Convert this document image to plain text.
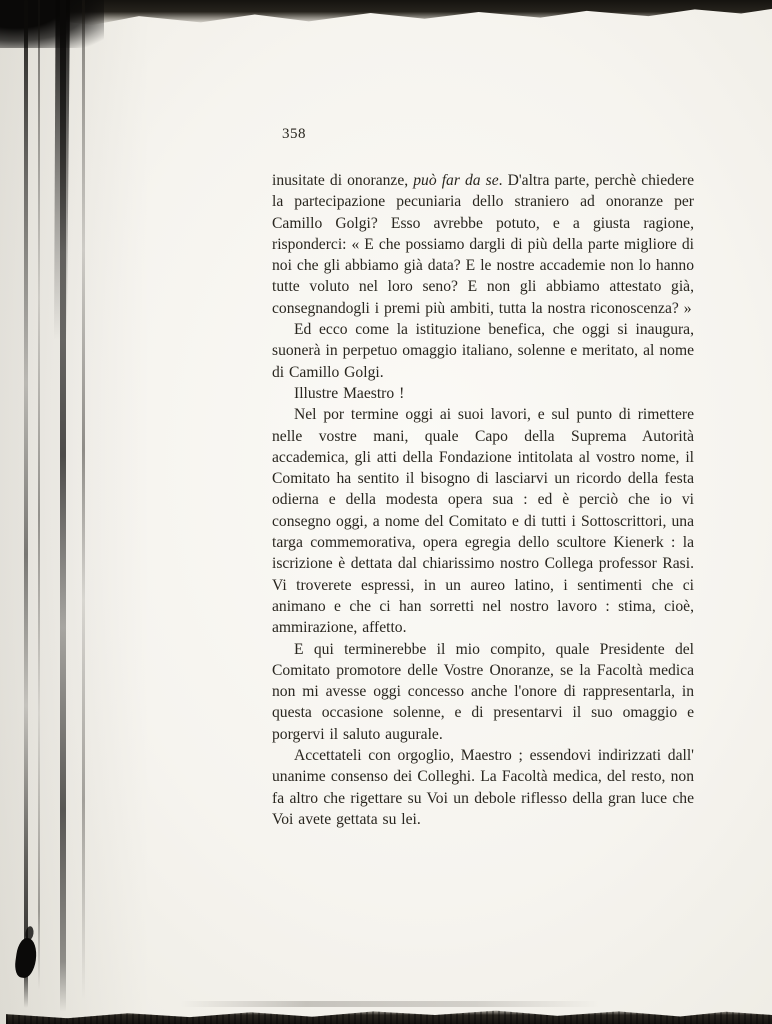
358

inusitate di onoranze, può far da se. D'altra parte, perchè chiedere la partecipazione pecuniaria dello straniero ad onoranze per Camillo Golgi? Esso avrebbe potuto, e a giusta ragione, risponderci: « E che possiamo dargli di più della parte migliore di noi che gli abbiamo già data? E le nostre accademie non lo hanno tutte voluto nel loro seno? E non gli abbiamo attestato già, consegnandogli i premi più ambiti, tutta la nostra riconoscenza? »

Ed ecco come la istituzione benefica, che oggi si inaugura, suonerà in perpetuo omaggio italiano, solenne e meritato, al nome di Camillo Golgi.

Illustre Maestro !

Nel por termine oggi ai suoi lavori, e sul punto di rimettere nelle vostre mani, quale Capo della Suprema Autorità accademica, gli atti della Fondazione intitolata al vostro nome, il Comitato ha sentito il bisogno di lasciarvi un ricordo della festa odierna e della modesta opera sua : ed è perciò che io vi consegno oggi, a nome del Comitato e di tutti i Sottoscrittori, una targa commemorativa, opera egregia dello scultore Kienerk : la iscrizione è dettata dal chiarissimo nostro Collega professor Rasi. Vi troverete espressi, in un aureo latino, i sentimenti che ci animano e che ci han sorretti nel nostro lavoro : stima, cioè, ammirazione, affetto.

E qui terminerebbe il mio compito, quale Presidente del Comitato promotore delle Vostre Onoranze, se la Facoltà medica non mi avesse oggi concesso anche l'onore di rappresentarla, in questa occasione solenne, e di presentarvi il suo omaggio e porgervi il saluto augurale.

Accettateli con orgoglio, Maestro ; essendovi indirizzati dall' unanime consenso dei Colleghi. La Facoltà medica, del resto, non fa altro che rigettare su Voi un debole riflesso della gran luce che Voi avete gettata su lei.
